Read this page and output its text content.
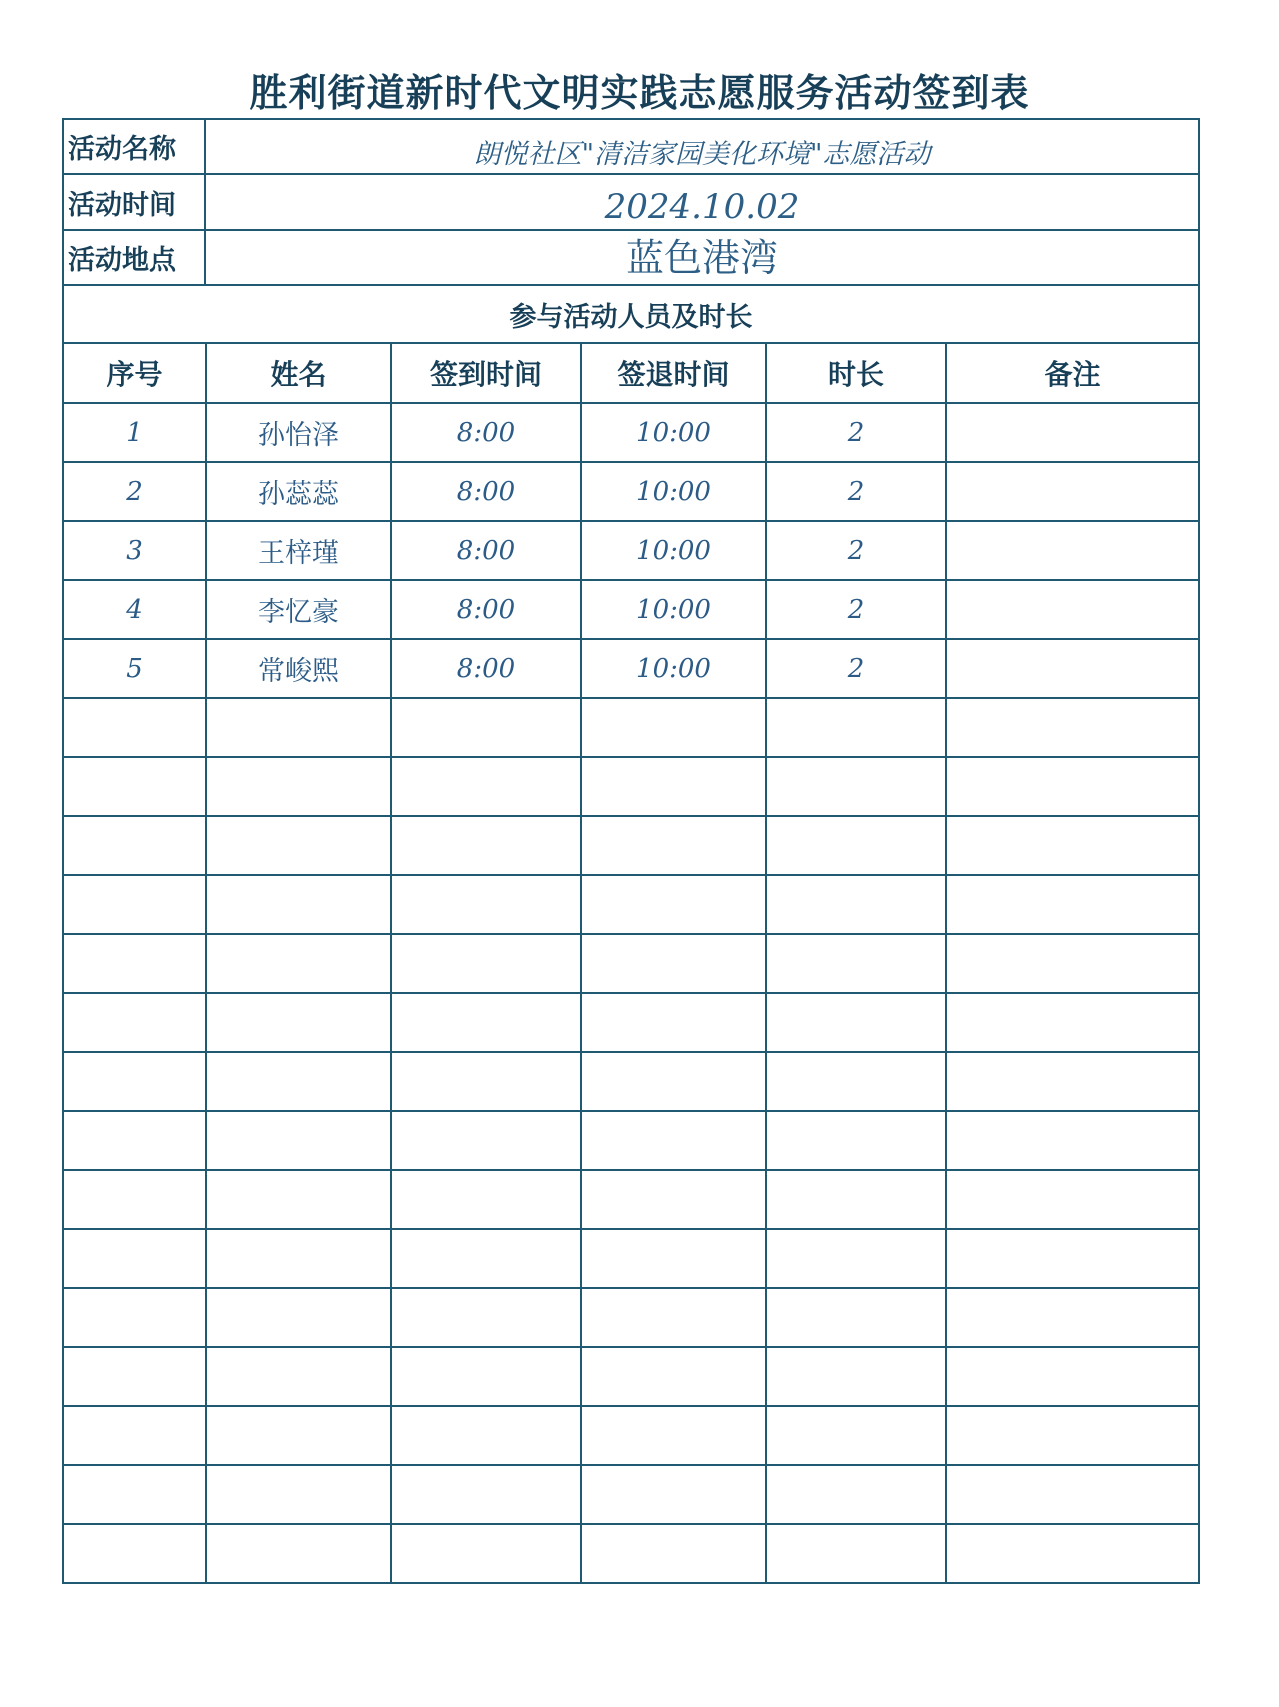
胜利街道新时代文明实践志愿服务活动签到表
活动名称	朗悦社区"清洁家园美化环境"志愿活动
活动时间	2024.10.02
活动地点	蓝色港湾
参与活动人员及时长
序号	姓名	签到时间	签退时间	时长	备注
1	孙怡泽	8:00	10:00	2	
2	孙蕊蕊	8:00	10:00	2	
3	王梓瑾	8:00	10:00	2	
4	李忆豪	8:00	10:00	2	
5	常峻熙	8:00	10:00	2	
